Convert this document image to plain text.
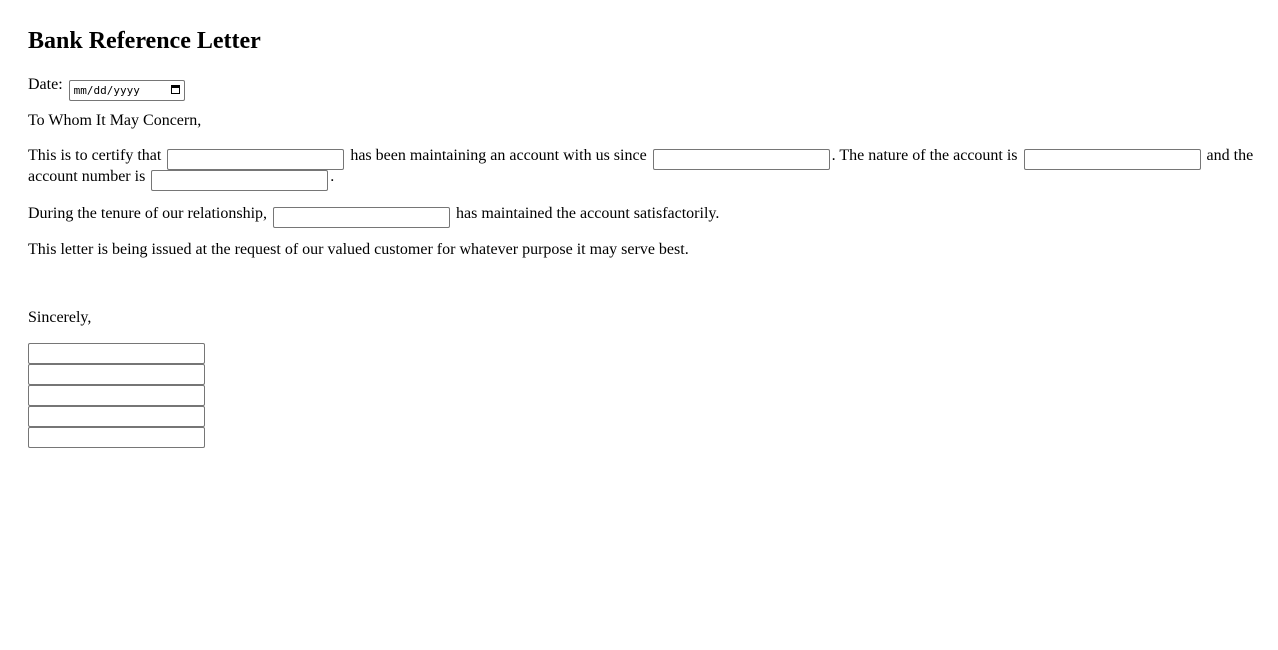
Bank Reference Letter

Date: mm/dd/yyyy

To Whom It May Concern,

This is to certify that	has been maintaining an account with us since	. The nature of the account is	and the

account number is	.

During the tenure of our relationship,	has maintained the account satisfactorily.

This letter is being issued at the request of our valued customer for whatever purpose it may serve best.

Sincerely,
